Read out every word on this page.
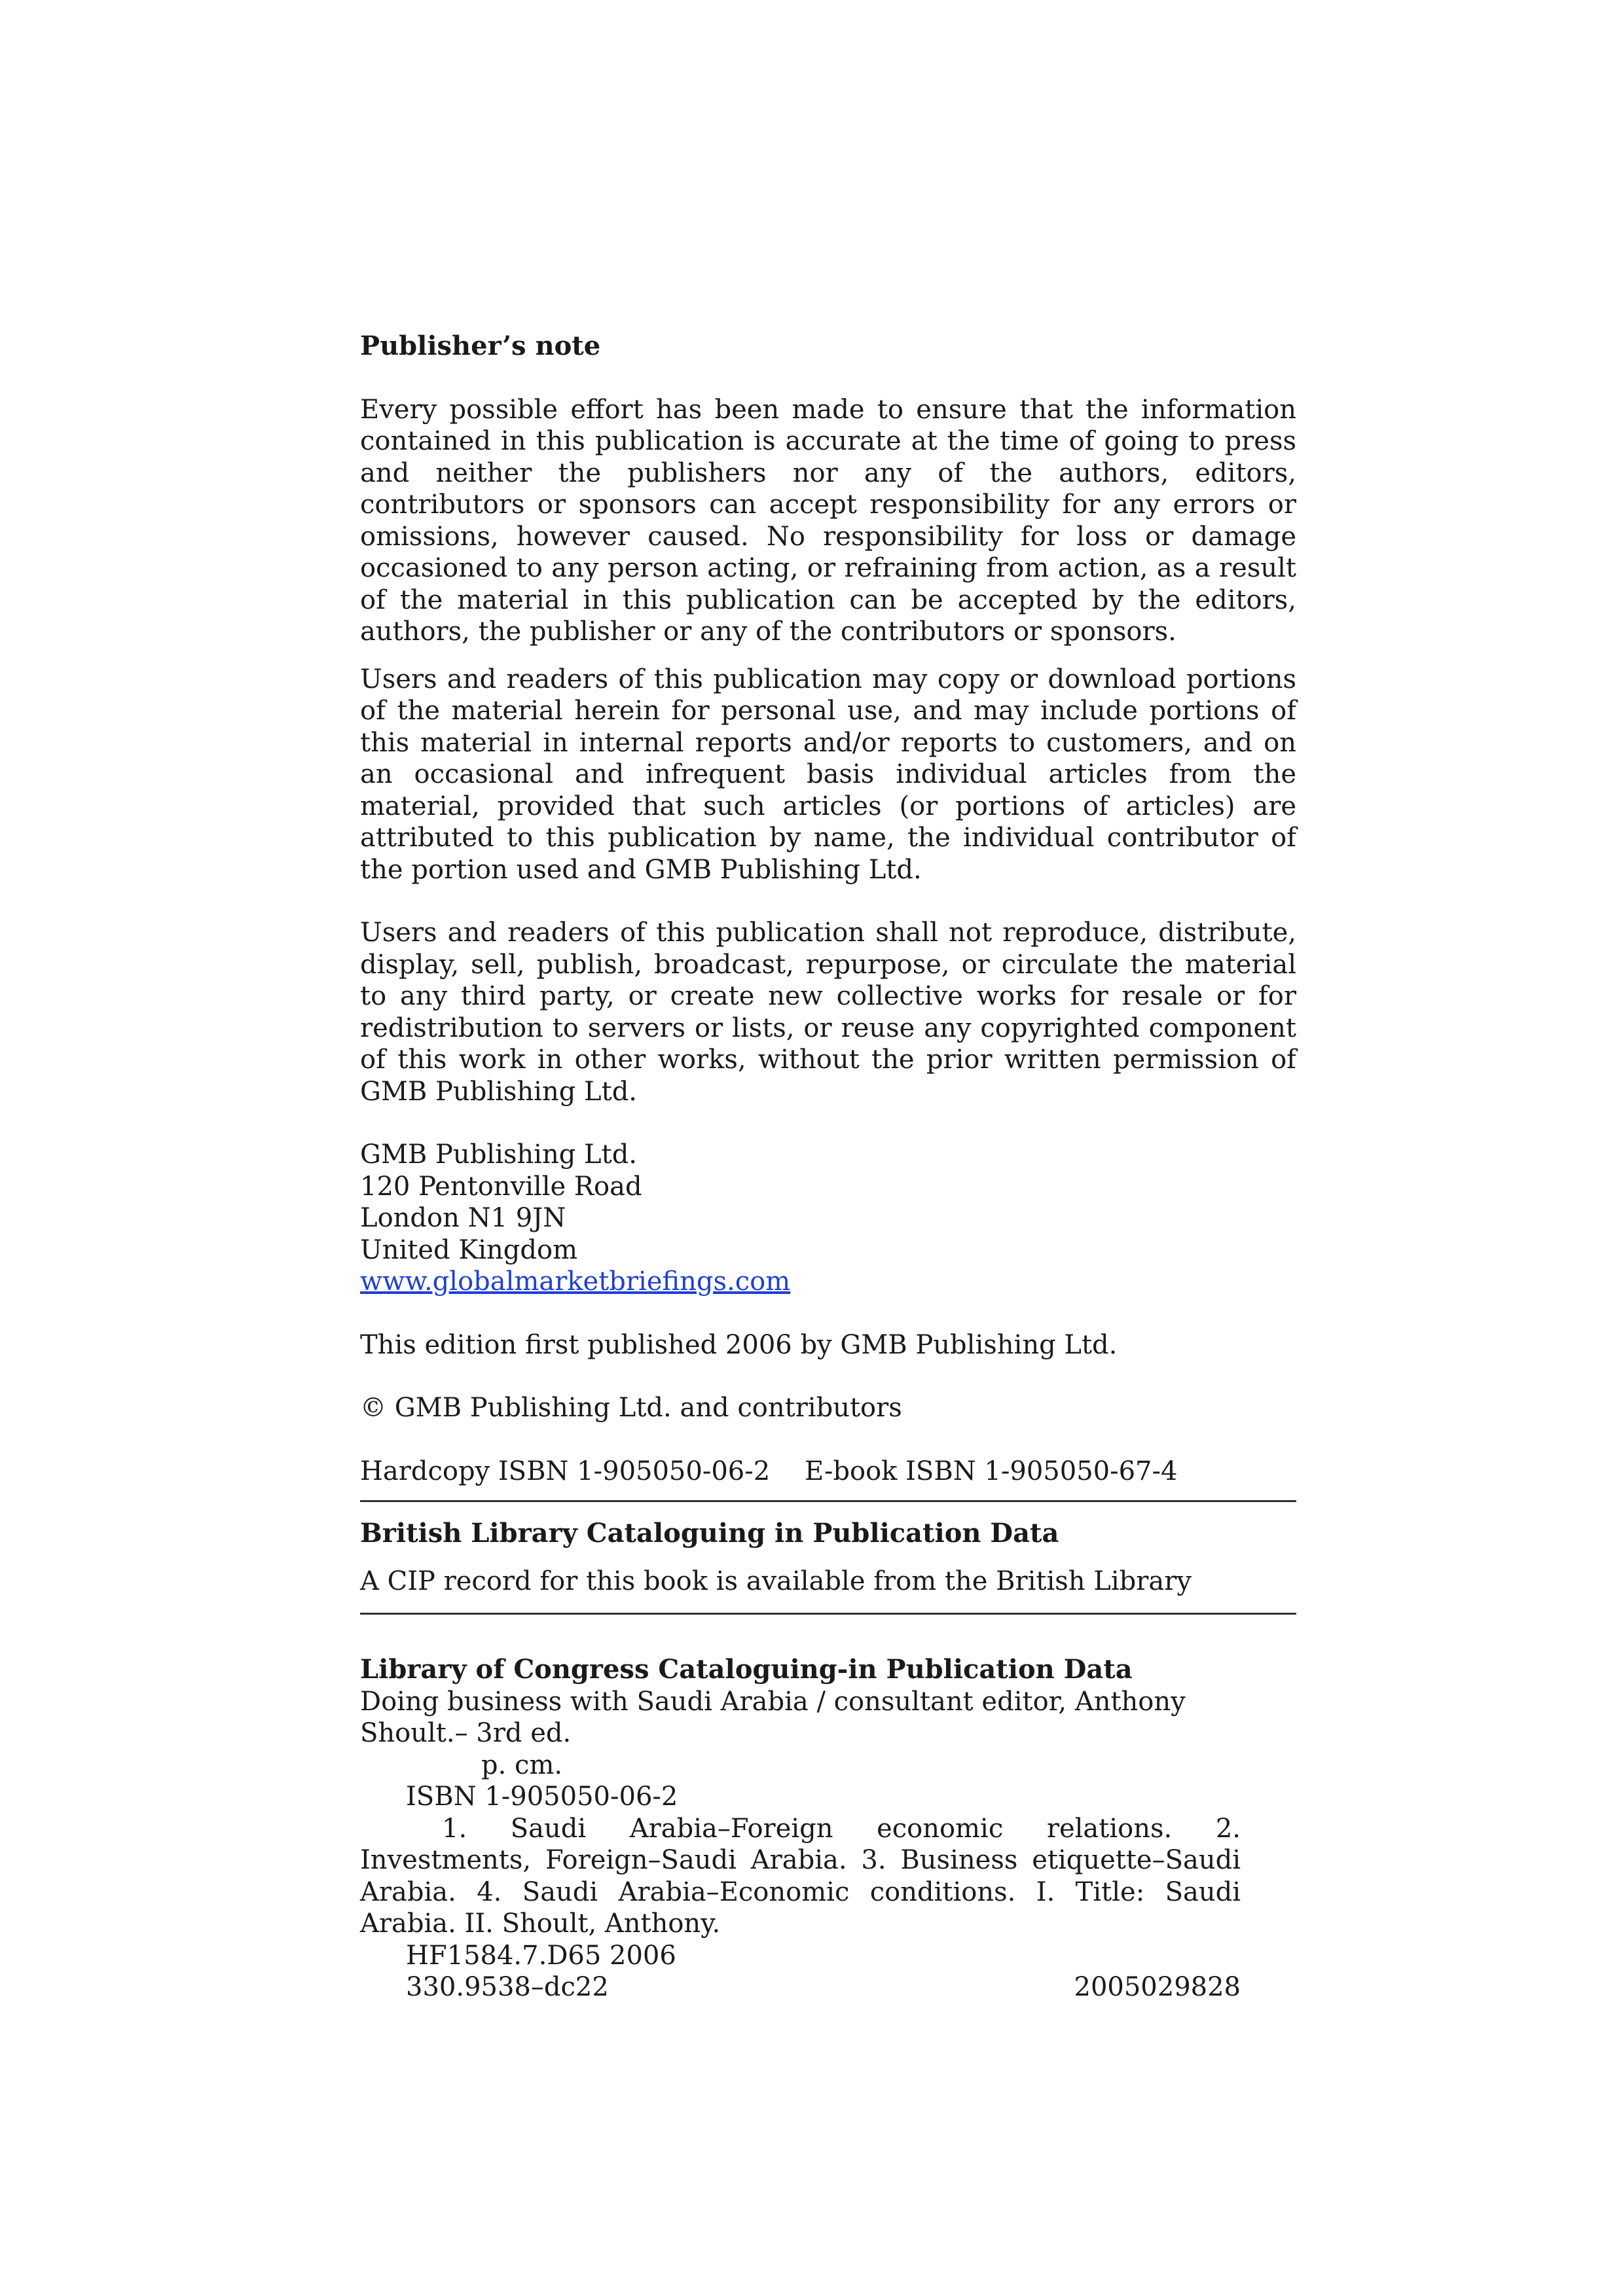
Publisher’s note

Every possible effort has been made to ensure that the information contained in this publication is accurate at the time of going to press and neither the publishers nor any of the authors, editors, contributors or sponsors can accept responsibility for any errors or omissions, however caused. No responsibility for loss or damage occasioned to any person acting, or refraining from action, as a result of the material in this publication can be accepted by the editors, authors, the publisher or any of the contributors or sponsors.

Users and readers of this publication may copy or download portions of the material herein for personal use, and may include portions of this material in internal reports and/or reports to customers, and on an occasional and infrequent basis individual articles from the material, provided that such articles (or portions of articles) are attributed to this publication by name, the individual contributor of the portion used and GMB Publishing Ltd.

Users and readers of this publication shall not reproduce, distribute, display, sell, publish, broadcast, repurpose, or circulate the material to any third party, or create new collective works for resale or for redistribution to servers or lists, or reuse any copyrighted component of this work in other works, without the prior written permission of GMB Publishing Ltd.

GMB Publishing Ltd.
120 Pentonville Road
London N1 9JN
United Kingdom
www.globalmarketbriefings.com
This edition first published 2006 by GMB Publishing Ltd.
© GMB Publishing Ltd. and contributors
Hardcopy ISBN 1-905050-06-2 E-book ISBN 1-905050-67-4
British Library Cataloguing in Publication Data
A CIP record for this book is available from the British Library
Library of Congress Cataloguing-in Publication Data

Doing business with Saudi Arabia / consultant editor, Anthony Shoult.– 3rd ed.

p. cm.
ISBN 1-905050-06-2

1. Saudi Arabia–Foreign economic relations. 2. Investments, Foreign–Saudi Arabia. 3. Business etiquette–Saudi Arabia. 4. Saudi Arabia–Economic conditions. I. Title: Saudi Arabia. II. Shoult, Anthony.

HF1584.7.D65 2006
330.9538–dc22	2005029828
